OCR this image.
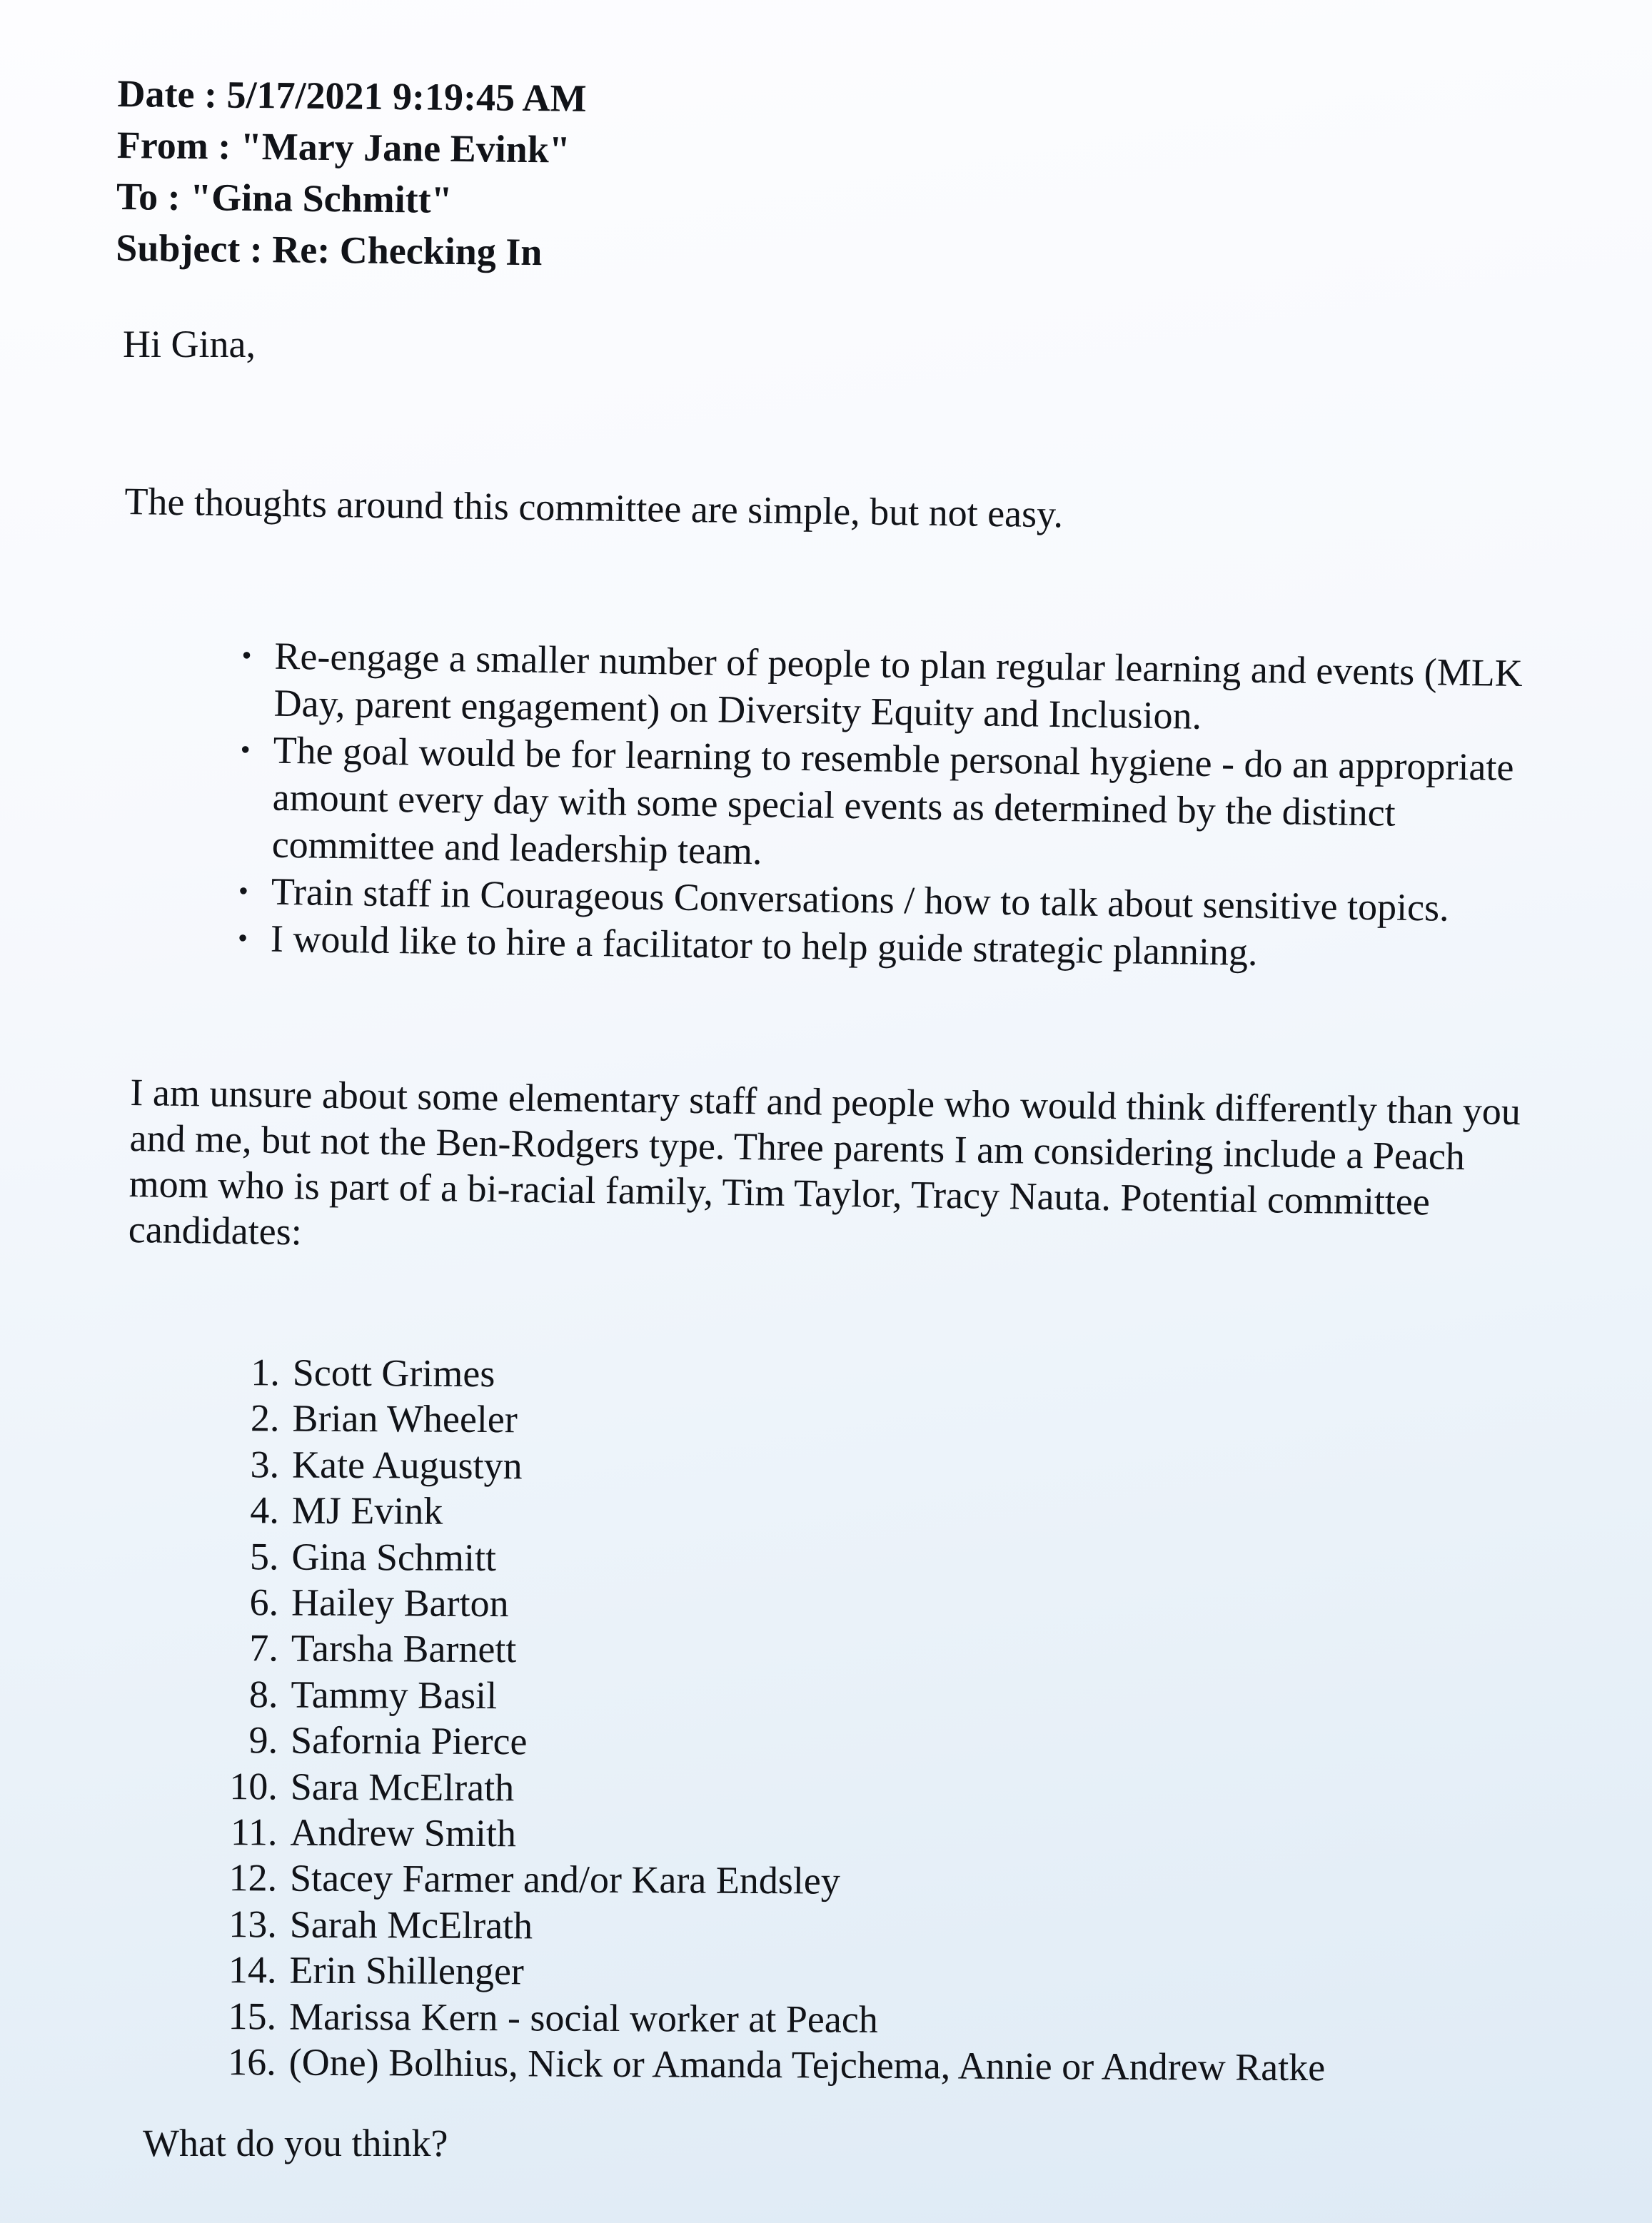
Date : 5/17/2021 9:19:45 AM
From : "Mary Jane Evink"
To : "Gina Schmitt"
Subject : Re: Checking In
Hi Gina,
The thoughts around this committee are simple, but not easy.
• Re-engage a smaller number of people to plan regular learning and events (MLK Day, parent engagement) on Diversity Equity and Inclusion.
• The goal would be for learning to resemble personal hygiene - do an appropriate amount every day with some special events as determined by the distinct committee and leadership team.
• Train staff in Courageous Conversations / how to talk about sensitive topics.
• I would like to hire a facilitator to help guide strategic planning.
I am unsure about some elementary staff and people who would think differently than you and me, but not the Ben-Rodgers type. Three parents I am considering include a Peach mom who is part of a bi-racial family, Tim Taylor, Tracy Nauta. Potential committee candidates:
1. Scott Grimes
2. Brian Wheeler
3. Kate Augustyn
4. MJ Evink
5. Gina Schmitt
6. Hailey Barton
7. Tarsha Barnett
8. Tammy Basil
9. Safornia Pierce
10. Sara McElrath
11. Andrew Smith
12. Stacey Farmer and/or Kara Endsley
13. Sarah McElrath
14. Erin Shillenger
15. Marissa Kern - social worker at Peach
16. (One) Bolhius, Nick or Amanda Tejchema, Annie or Andrew Ratke
What do you think?
